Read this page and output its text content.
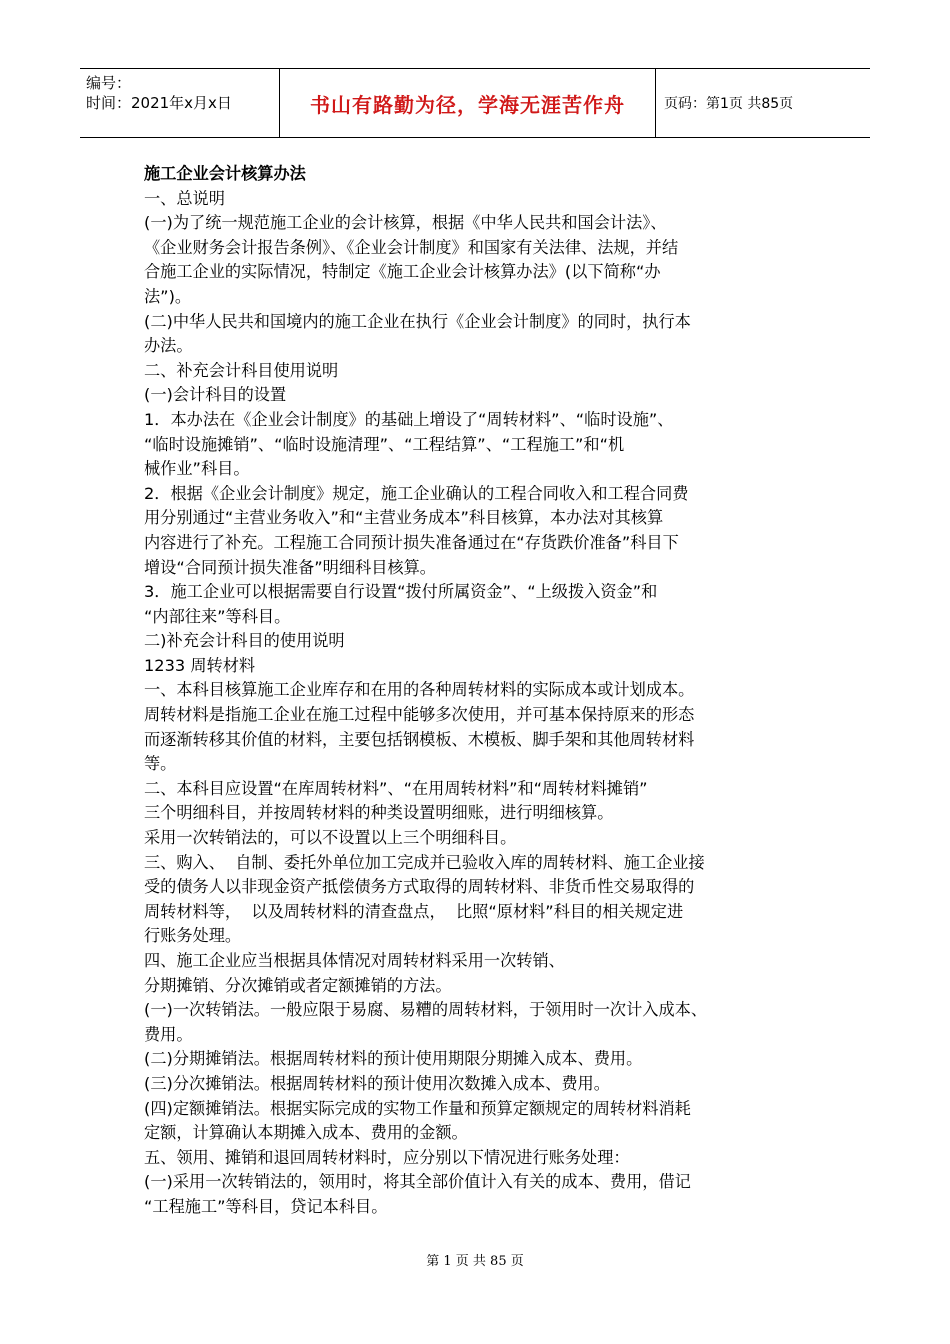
编号：
时间：2021年x月x日	书山有路勤为径，学海无涯苦作舟	页码：第1页 共85页
施工企业会计核算办法
一、总说明
(一)为了统一规范施工企业的会计核算，根据《中华人民共和国会计法》、
《企业财务会计报告条例》、《企业会计制度》和国家有关法律、法规，并结
合施工企业的实际情况，特制定《施工企业会计核算办法》(以下简称“办
法”)。
(二)中华人民共和国境内的施工企业在执行《企业会计制度》的同时，执行本
办法。
二、补充会计科目使用说明
(一)会计科目的设置
1．本办法在《企业会计制度》的基础上增设了“周转材料”、“临时设施”、
“临时设施摊销”、“临时设施清理”、“工程结算”、“工程施工”和“机
械作业”科目。
2．根据《企业会计制度》规定，施工企业确认的工程合同收入和工程合同费
用分别通过“主营业务收入”和“主营业务成本”科目核算，本办法对其核算
内容进行了补充。工程施工合同预计损失准备通过在“存货跌价准备”科目下
增设“合同预计损失准备”明细科目核算。
3．施工企业可以根据需要自行设置“拨付所属资金”、“上级拨入资金”和
“内部往来”等科目。
二)补充会计科目的使用说明
1233 周转材料
一、本科目核算施工企业库存和在用的各种周转材料的实际成本或计划成本。
周转材料是指施工企业在施工过程中能够多次使用，并可基本保持原来的形态
而逐渐转移其价值的材料，主要包括钢模板、木模板、脚手架和其他周转材料
等。
二、本科目应设置“在库周转材料”、“在用周转材料”和“周转材料摊销”
三个明细科目，并按周转材料的种类设置明细账，进行明细核算。
采用一次转销法的，可以不设置以上三个明细科目。
三、购入、  自制、委托外单位加工完成并已验收入库的周转材料、施工企业接
受的债务人以非现金资产抵偿债务方式取得的周转材料、非货币性交易取得的
周转材料等，  以及周转材料的清查盘点，  比照“原材料”科目的相关规定进
行账务处理。
四、施工企业应当根据具体情况对周转材料采用一次转销、
分期摊销、分次摊销或者定额摊销的方法。
(一)一次转销法。一般应限于易腐、易糟的周转材料，于领用时一次计入成本、
费用。
(二)分期摊销法。根据周转材料的预计使用期限分期摊入成本、费用。
(三)分次摊销法。根据周转材料的预计使用次数摊入成本、费用。
(四)定额摊销法。根据实际完成的实物工作量和预算定额规定的周转材料消耗
定额，计算确认本期摊入成本、费用的金额。
五、领用、摊销和退回周转材料时，应分别以下情况进行账务处理：
(一)采用一次转销法的，领用时，将其全部价值计入有关的成本、费用，借记
“工程施工”等科目，贷记本科目。
第 1 页 共 85 页
